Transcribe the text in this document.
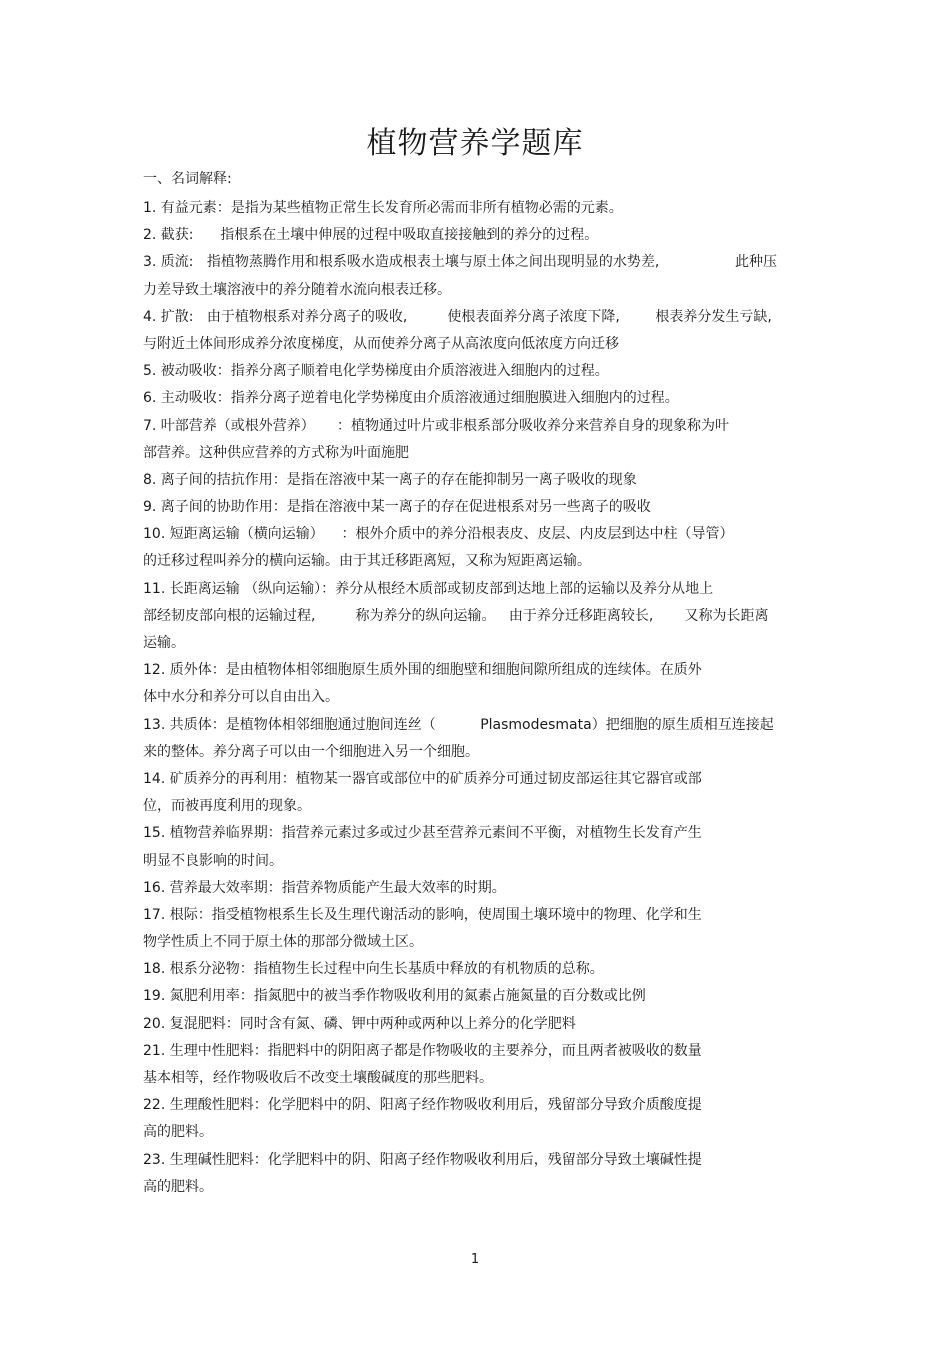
植物营养学题库
一、名词解释:
1. 有益元素：是指为某些植物正常生长发育所必需而非所有植物必需的元素。
2. 截获:      指根系在土壤中伸展的过程中吸取直接接触到的养分的过程。
3. 质流:   指植物蒸腾作用和根系吸水造成根表土壤与原土体之间出现明显的水势差,                 此种压
力差导致土壤溶液中的养分随着水流向根表迁移。
4. 扩散:   由于植物根系对养分离子的吸收,         使根表面养分离子浓度下降,        根表养分发生亏缺,
与附近土体间形成养分浓度梯度，从而使养分离子从高浓度向低浓度方向迁移
5. 被动吸收：指养分离子顺着电化学势梯度由介质溶液进入细胞内的过程。
6. 主动吸收：指养分离子逆着电化学势梯度由介质溶液通过细胞膜进入细胞内的过程。
7. 叶部营养（或根外营养）     ：植物通过叶片或非根系部分吸收养分来营养自身的现象称为叶
部营养。这种供应营养的方式称为叶面施肥
8. 离子间的拮抗作用：是指在溶液中某一离子的存在能抑制另一离子吸收的现象
9. 离子间的协助作用：是指在溶液中某一离子的存在促进根系对另一些离子的吸收
10. 短距离运输（横向运输）    ：根外介质中的养分沿根表皮、皮层、内皮层到达中柱（导管）
的迁移过程叫养分的横向运输。由于其迁移距离短，又称为短距离运输。
11. 长距离运输 （纵向运输）：养分从根经木质部或韧皮部到达地上部的运输以及养分从地上
部经韧皮部向根的运输过程,         称为养分的纵向运输。   由于养分迁移距离较长,       又称为长距离
运输。
12. 质外体：是由植物体相邻细胞原生质外围的细胞壁和细胞间隙所组成的连续体。在质外
体中水分和养分可以自由出入。
13. 共质体：是植物体相邻细胞通过胞间连丝（          Plasmodesmata）把细胞的原生质相互连接起
来的整体。养分离子可以由一个细胞进入另一个细胞。
14. 矿质养分的再利用：植物某一器官或部位中的矿质养分可通过韧皮部运往其它器官或部
位，而被再度利用的现象。
15. 植物营养临界期：指营养元素过多或过少甚至营养元素间不平衡，对植物生长发育产生
明显不良影响的时间。
16. 营养最大效率期：指营养物质能产生最大效率的时期。
17. 根际：指受植物根系生长及生理代谢活动的影响，使周围土壤环境中的物理、化学和生
物学性质上不同于原土体的那部分微域土区。
18. 根系分泌物：指植物生长过程中向生长基质中释放的有机物质的总称。
19. 氮肥利用率：指氮肥中的被当季作物吸收利用的氮素占施氮量的百分数或比例
20. 复混肥料：同时含有氮、磷、钾中两种或两种以上养分的化学肥料
21. 生理中性肥料：指肥料中的阴阳离子都是作物吸收的主要养分，而且两者被吸收的数量
基本相等，经作物吸收后不改变土壤酸碱度的那些肥料。
22. 生理酸性肥料：化学肥料中的阴、阳离子经作物吸收利用后，残留部分导致介质酸度提
高的肥料。
23. 生理碱性肥料：化学肥料中的阴、阳离子经作物吸收利用后，残留部分导致土壤碱性提
高的肥料。
1
